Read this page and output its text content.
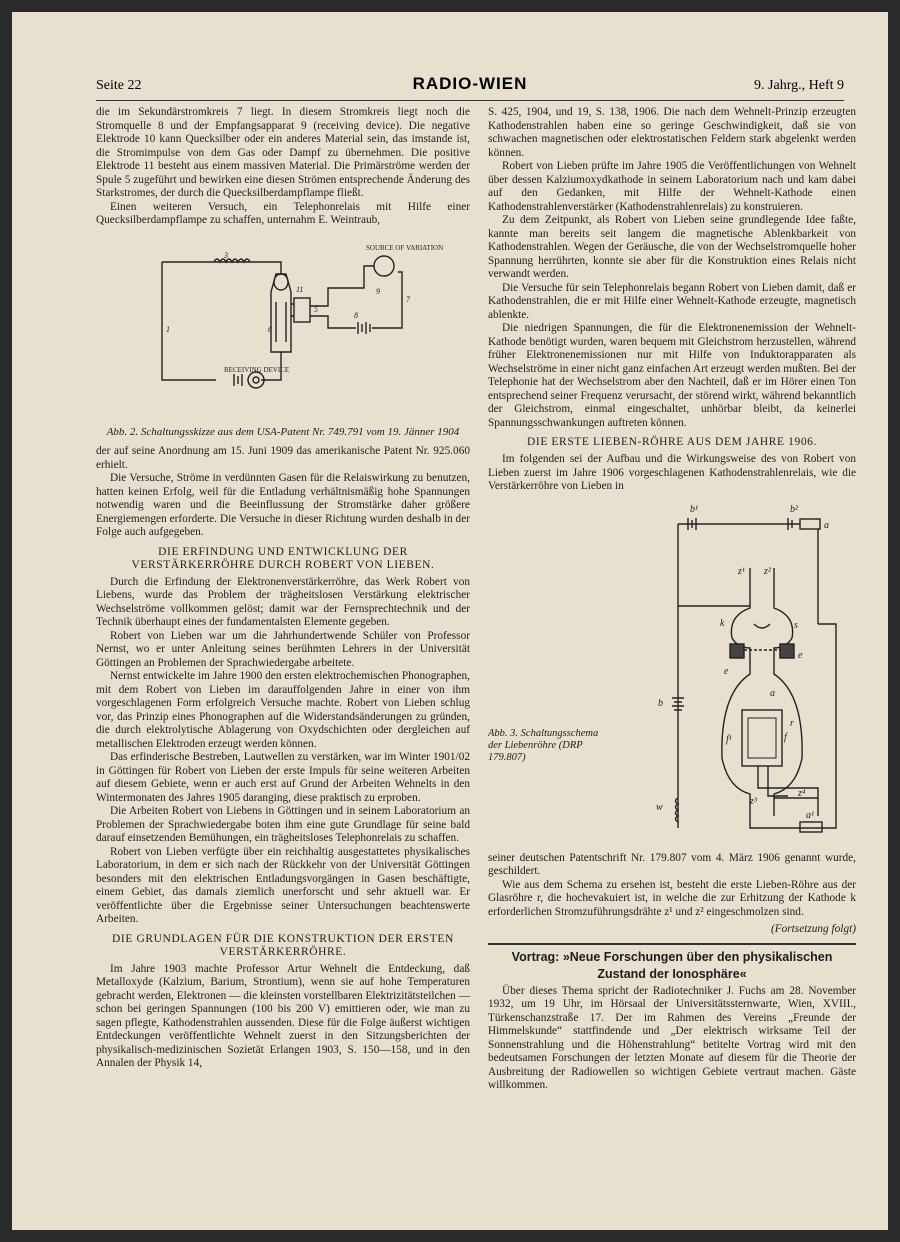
Seite 22	RADIO-WIEN	9. Jahrg., Heft 9

die im Sekundärstromkreis 7 liegt. In diesem Stromkreis liegt noch die Stromquelle 8 und der Empfangsapparat 9 (receiving device). Die negative Elektrode 10 kann Quecksilber oder ein anderes Material sein, das imstande ist, die Stromimpulse von dem Gas oder Dampf zu übernehmen. Die positive Elektrode 11 besteht aus einem massiven Material. Die Primärströme werden der Spule 5 zugeführt und bewirken eine diesen Strömen entsprechende Änderung des Starkstromes, der durch die Quecksilberdampflampe fließt.

Einen weiteren Versuch, ein Telephonrelais mit Hilfe einer Quecksilberdampflampe zu schaffen, unternahm E. Weintraub,

SOURCE OF VARIATION
RECEIVING DEVICE
11
5
6
1
7
8
9
3
Abb. 2. Schaltungsskizze aus dem USA-Patent Nr. 749.791 vom 19. Jänner 1904

der auf seine Anordnung am 15. Juni 1909 das amerikanische Patent Nr. 925.060 erhielt.

Die Versuche, Ströme in verdünnten Gasen für die Relaiswirkung zu benutzen, hatten keinen Erfolg, weil für die Entladung verhältnismäßig hohe Spannungen notwendig waren und die Beeinflussung der Stromstärke daher größere Energiemengen erforderte. Die Versuche in dieser Richtung wurden deshalb in der Folge auch aufgegeben.

DIE ERFINDUNG UND ENTWICKLUNG DER VERSTÄRKERRÖHRE DURCH ROBERT VON LIEBEN.

Durch die Erfindung der Elektronenverstärkerröhre, das Werk Robert von Liebens, wurde das Problem der trägheitslosen Verstärkung elektrischer Wechselströme vollkommen gelöst; damit war der Fernsprechtechnik und der Technik überhaupt eines der fundamentalsten Elemente gegeben.

Robert von Lieben war um die Jahrhundertwende Schüler von Professor Nernst, wo er unter Anleitung seines berühmten Lehrers in der Universität Göttingen an Problemen der Sprachwiedergabe arbeitete.

Nernst entwickelte im Jahre 1900 den ersten elektrochemischen Phonographen, mit dem Robert von Lieben im darauffolgenden Jahre in einer von ihm vorgeschlagenen Form erfolgreich Versuche machte. Robert von Lieben schlug vor, das Prinzip eines Phonographen auf die Widerstandsänderungen zu gründen, die durch elektrolytische Ablagerung von Oxydschichten oder dergleichen auf metallischen Elektroden erzeugt werden können.

Das erfinderische Bestreben, Lautwellen zu verstärken, war im Winter 1901/02 in Göttingen für Robert von Lieben der erste Impuls für seine weiteren Arbeiten auf diesem Gebiete, wenn er auch erst auf Grund der Arbeiten Wehnelts in den Wintermonaten des Jahres 1905 daranging, diese praktisch zu erproben.

Die Arbeiten Robert von Liebens in Göttingen und in seinem Laboratorium an Problemen der Sprachwiedergabe boten ihm eine gute Grundlage für seine bald darauf einsetzenden Bemühungen, ein trägheitsloses Telephonrelais zu schaffen.

Robert von Lieben verfügte über ein reichhaltig ausgestattetes physikalisches Laboratorium, in dem er sich nach der Rückkehr von der Universität Göttingen besonders mit den elektrischen Entladungsvorgängen in Gasen beschäftigte, einem Gebiet, das damals ziemlich unerforscht und sehr aktuell war. Er veröffentlichte über die Ergebnisse seiner Untersuchungen beachtenswerte Arbeiten.

DIE GRUNDLAGEN FÜR DIE KONSTRUKTION DER ERSTEN VERSTÄRKERRÖHRE.

Im Jahre 1903 machte Professor Artur Wehnelt die Entdeckung, daß Metalloxyde (Kalzium, Barium, Strontium), wenn sie auf hohe Temperaturen gebracht werden, Elektronen — die kleinsten vorstellbaren Elektrizitätsteilchen — schon bei geringen Spannungen (100 bis 200 V) emittieren oder, wie man zu sagen pflegte, Kathodenstrahlen aussenden. Diese für die Folge äußerst wichtigen Entdeckungen veröffentlichte Wehnelt zuerst in den Sitzungsberichten der physikalisch-medizinischen Sozietät Erlangen 1903, S. 150—158, und in den Annalen der Physik 14,

S. 425, 1904, und 19, S. 138, 1906. Die nach dem Wehnelt-Prinzip erzeugten Kathodenstrahlen haben eine so geringe Geschwindigkeit, daß sie von schwachen magnetischen oder elektrostatischen Feldern stark abgelenkt werden können.

Robert von Lieben prüfte im Jahre 1905 die Veröffentlichungen von Wehnelt über dessen Kalziumoxydkathode in seinem Laboratorium nach und kam dabei auf den Gedanken, mit Hilfe der Wehnelt-Kathode einen Kathodenstrahlenverstärker (Kathodenstrahlenrelais) zu konstruieren.

Zu dem Zeitpunkt, als Robert von Lieben seine grundlegende Idee faßte, kannte man bereits seit langem die magnetische Ablenkbarkeit von Kathodenstrahlen. Wegen der Geräusche, die von der Wechselstromquelle hoher Spannung herrührten, konnte sie aber für die Konstruktion eines Relais nicht verwandt werden.

Die Versuche für sein Telephonrelais begann Robert von Lieben damit, daß er Kathodenstrahlen, die er mit Hilfe einer Wehnelt-Kathode erzeugte, magnetisch ablenkte.

Die niedrigen Spannungen, die für die Elektronenemission der Wehnelt-Kathode benötigt wurden, waren bequem mit Gleichstrom herzustellen, während früher Elektronenemissionen nur mit Hilfe von Induktorapparaten als Wechselströme in einer nicht ganz einfachen Art erzeugt werden mußten. Bei der Telephonie hat der Wechselstrom aber den Nachteil, daß er im Hörer einen Ton entsprechend seiner Frequenz verursacht, der störend wirkt, während bekanntlich der Gleichstrom, einmal eingeschaltet, unhörbar bleibt, da keinerlei Spannungsschwankungen auftreten können.

DIE ERSTE LIEBEN-RÖHRE AUS DEM JAHRE 1906.

Im folgenden sei der Aufbau und die Wirkungsweise des von Robert von Lieben zuerst im Jahre 1906 vorgeschlagenen Kathodenstrahlenrelais, wie die Verstärkerröhre von Lieben in

b¹	b²
a
z¹ z²
k	s
e
e
a
r
f
f¹
b
w
z⁴
z³
a¹
Abb. 3. Schaltungsschema der Liebenröhre (DRP 179.807)

seiner deutschen Patentschrift Nr. 179.807 vom 4. März 1906 genannt wurde, geschildert.

Wie aus dem Schema zu ersehen ist, besteht die erste Lieben-Röhre aus der Glasröhre r, die hochevakuiert ist, in welche die zur Erhitzung der Kathode k erforderlichen Stromzuführungsdrähte z¹ und z² eingeschmolzen sind.

(Fortsetzung folgt)
Vortrag: »Neue Forschungen über den physikalischen Zustand der Ionosphäre«

Über dieses Thema spricht der Radiotechniker J. Fuchs am 28. November 1932, um 19 Uhr, im Hörsaal der Universitätssternwarte, Wien, XVIII., Türkenschanzstraße 17. Der im Rahmen des Vereins „Freunde der Himmelskunde“ stattfindende und „Der elektrisch wirksame Teil der Sonnenstrahlung und die Höhenstrahlung“ betitelte Vortrag wird mit den bedeutsamen Forschungen der letzten Monate auf diesem für die Theorie der Ausbreitung der Radiowellen so wichtigen Gebiete vertraut machen. Gäste willkommen.
